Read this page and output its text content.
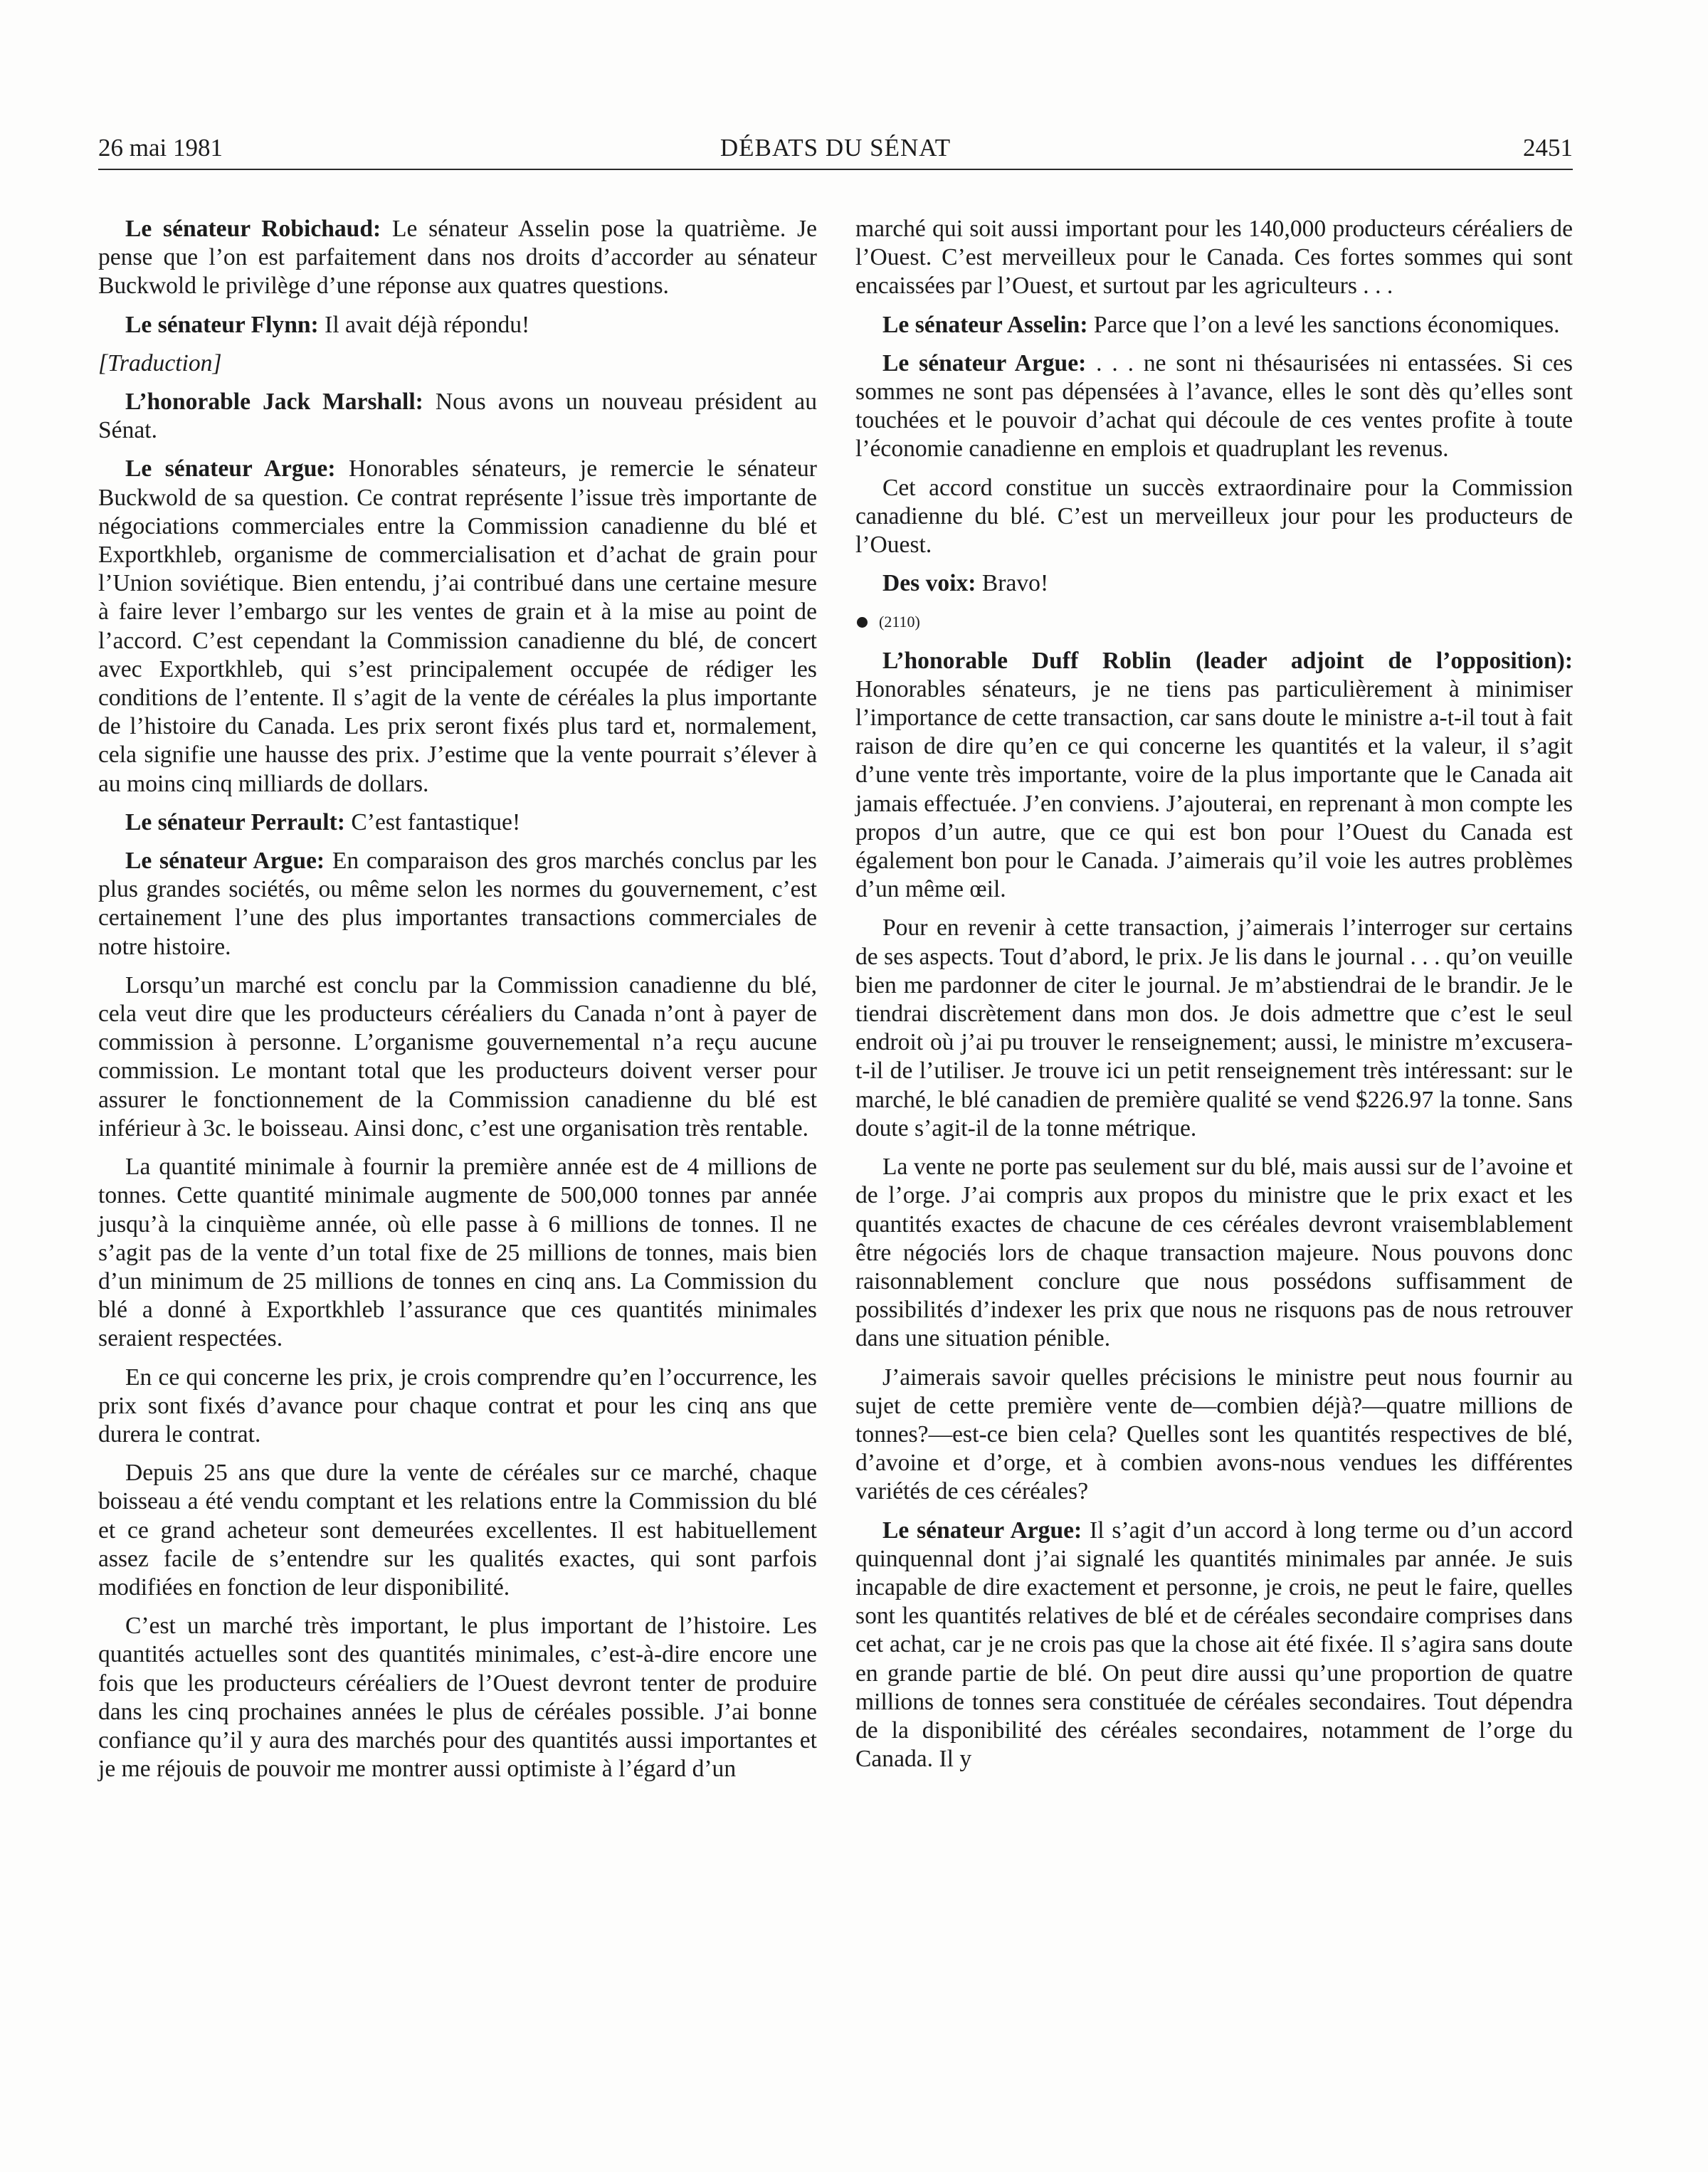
26 mai 1981	DÉBATS DU SÉNAT	2451

Le sénateur Robichaud: Le sénateur Asselin pose la quatrième. Je pense que l’on est parfaitement dans nos droits d’accorder au sénateur Buckwold le privilège d’une réponse aux quatres questions.

Le sénateur Flynn: Il avait déjà répondu!

[Traduction]

L’honorable Jack Marshall: Nous avons un nouveau président au Sénat.

Le sénateur Argue: Honorables sénateurs, je remercie le sénateur Buckwold de sa question. Ce contrat représente l’issue très importante de négociations commerciales entre la Commission canadienne du blé et Exportkhleb, organisme de commercialisation et d’achat de grain pour l’Union soviétique. Bien entendu, j’ai contribué dans une certaine mesure à faire lever l’embargo sur les ventes de grain et à la mise au point de l’accord. C’est cependant la Commission canadienne du blé, de concert avec Exportkhleb, qui s’est principalement occupée de rédiger les conditions de l’entente. Il s’agit de la vente de céréales la plus importante de l’histoire du Canada. Les prix seront fixés plus tard et, normalement, cela signifie une hausse des prix. J’estime que la vente pourrait s’élever à au moins cinq milliards de dollars.

Le sénateur Perrault: C’est fantastique!

Le sénateur Argue: En comparaison des gros marchés conclus par les plus grandes sociétés, ou même selon les normes du gouvernement, c’est certainement l’une des plus importantes transactions commerciales de notre histoire.

Lorsqu’un marché est conclu par la Commission canadienne du blé, cela veut dire que les producteurs céréaliers du Canada n’ont à payer de commission à personne. L’organisme gouvernemental n’a reçu aucune commission. Le montant total que les producteurs doivent verser pour assurer le fonctionnement de la Commission canadienne du blé est inférieur à 3c. le boisseau. Ainsi donc, c’est une organisation très rentable.

La quantité minimale à fournir la première année est de 4 millions de tonnes. Cette quantité minimale augmente de 500,000 tonnes par année jusqu’à la cinquième année, où elle passe à 6 millions de tonnes. Il ne s’agit pas de la vente d’un total fixe de 25 millions de tonnes, mais bien d’un minimum de 25 millions de tonnes en cinq ans. La Commission du blé a donné à Exportkhleb l’assurance que ces quantités minimales seraient respectées.

En ce qui concerne les prix, je crois comprendre qu’en l’occurrence, les prix sont fixés d’avance pour chaque contrat et pour les cinq ans que durera le contrat.

Depuis 25 ans que dure la vente de céréales sur ce marché, chaque boisseau a été vendu comptant et les relations entre la Commission du blé et ce grand acheteur sont demeurées excellentes. Il est habituellement assez facile de s’entendre sur les qualités exactes, qui sont parfois modifiées en fonction de leur disponibilité.

C’est un marché très important, le plus important de l’histoire. Les quantités actuelles sont des quantités minimales, c’est-à-dire encore une fois que les producteurs céréaliers de l’Ouest devront tenter de produire dans les cinq prochaines années le plus de céréales possible. J’ai bonne confiance qu’il y aura des marchés pour des quantités aussi importantes et je me réjouis de pouvoir me montrer aussi optimiste à l’égard d’un

marché qui soit aussi important pour les 140,000 producteurs céréaliers de l’Ouest. C’est merveilleux pour le Canada. Ces fortes sommes qui sont encaissées par l’Ouest, et surtout par les agriculteurs . . .

Le sénateur Asselin: Parce que l’on a levé les sanctions économiques.

Le sénateur Argue: . . . ne sont ni thésaurisées ni entassées. Si ces sommes ne sont pas dépensées à l’avance, elles le sont dès qu’elles sont touchées et le pouvoir d’achat qui découle de ces ventes profite à toute l’économie canadienne en emplois et quadruplant les revenus.

Cet accord constitue un succès extraordinaire pour la Commission canadienne du blé. C’est un merveilleux jour pour les producteurs de l’Ouest.

Des voix: Bravo!

(2110)

L’honorable Duff Roblin (leader adjoint de l’opposition): Honorables sénateurs, je ne tiens pas particulièrement à minimiser l’importance de cette transaction, car sans doute le ministre a-t-il tout à fait raison de dire qu’en ce qui concerne les quantités et la valeur, il s’agit d’une vente très importante, voire de la plus importante que le Canada ait jamais effectuée. J’en conviens. J’ajouterai, en reprenant à mon compte les propos d’un autre, que ce qui est bon pour l’Ouest du Canada est également bon pour le Canada. J’aimerais qu’il voie les autres problèmes d’un même œil.

Pour en revenir à cette transaction, j’aimerais l’interroger sur certains de ses aspects. Tout d’abord, le prix. Je lis dans le journal . . . qu’on veuille bien me pardonner de citer le journal. Je m’abstiendrai de le brandir. Je le tiendrai discrètement dans mon dos. Je dois admettre que c’est le seul endroit où j’ai pu trouver le renseignement; aussi, le ministre m’excusera-t-il de l’utiliser. Je trouve ici un petit renseignement très intéressant: sur le marché, le blé canadien de première qualité se vend $226.97 la tonne. Sans doute s’agit-il de la tonne métrique.

La vente ne porte pas seulement sur du blé, mais aussi sur de l’avoine et de l’orge. J’ai compris aux propos du ministre que le prix exact et les quantités exactes de chacune de ces céréales devront vraisemblablement être négociés lors de chaque transaction majeure. Nous pouvons donc raisonnablement conclure que nous possédons suffisamment de possibilités d’indexer les prix que nous ne risquons pas de nous retrouver dans une situation pénible.

J’aimerais savoir quelles précisions le ministre peut nous fournir au sujet de cette première vente de—combien déjà?—quatre millions de tonnes?—est-ce bien cela? Quelles sont les quantités respectives de blé, d’avoine et d’orge, et à combien avons-nous vendues les différentes variétés de ces céréales?

Le sénateur Argue: Il s’agit d’un accord à long terme ou d’un accord quinquennal dont j’ai signalé les quantités minimales par année. Je suis incapable de dire exactement et personne, je crois, ne peut le faire, quelles sont les quantités relatives de blé et de céréales secondaire comprises dans cet achat, car je ne crois pas que la chose ait été fixée. Il s’agira sans doute en grande partie de blé. On peut dire aussi qu’une proportion de quatre millions de tonnes sera constituée de céréales secondaires. Tout dépendra de la disponibilité des céréales secondaires, notamment de l’orge du Canada. Il y
